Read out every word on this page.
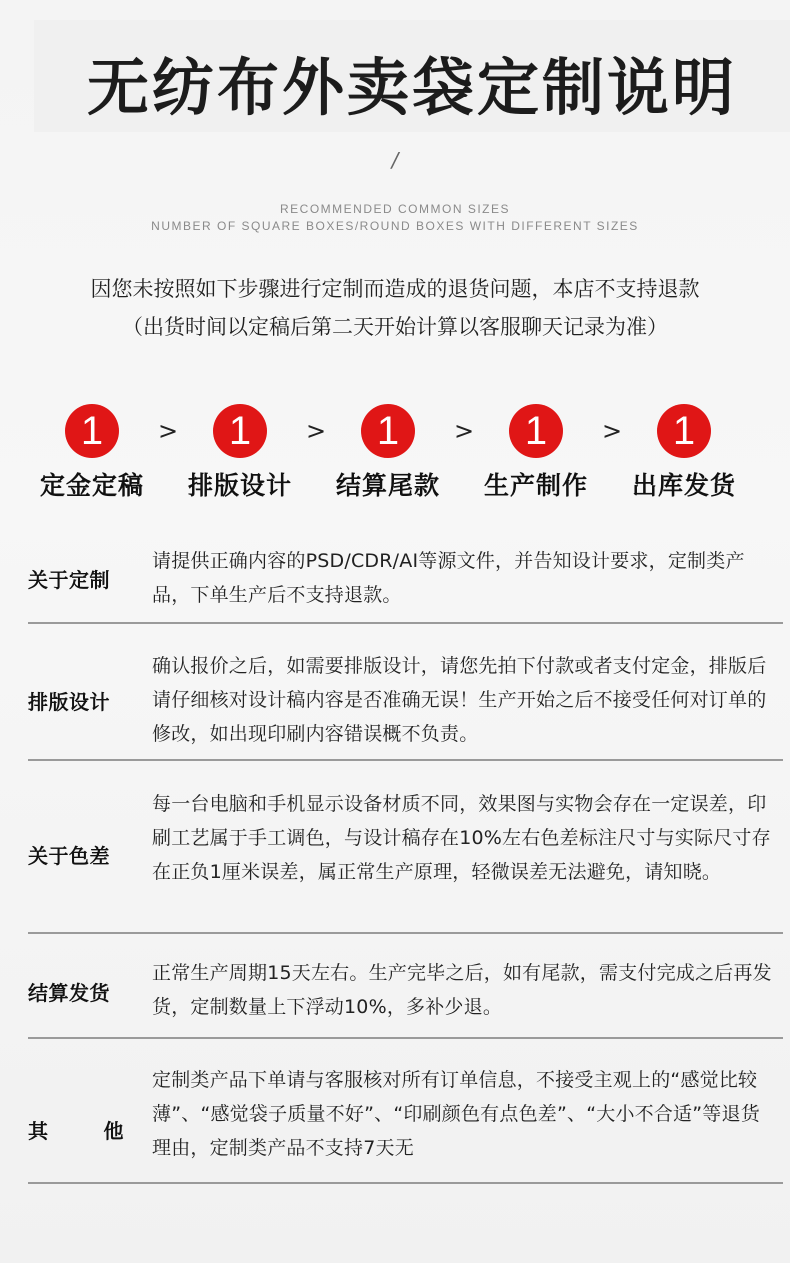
无纺布外卖袋定制说明
/
RECOMMENDED COMMON SIZES
NUMBER OF SQUARE BOXES/ROUND BOXES WITH DIFFERENT SIZES
因您未按照如下步骤进行定制而造成的退货问题，本店不支持退款
（出货时间以定稿后第二天开始计算以客服聊天记录为准）
1
定金定稿
>	1
排版设计
>	1
结算尾款
>	1
生产制作
>	1
出库发货
关于定制
请提供正确内容的PSD/CDR/AI等源文件，并告知设计要求，定制类产品，下单生产后不支持退款。
排版设计
确认报价之后，如需要排版设计，请您先拍下付款或者支付定金，排版后请仔细核对设计稿内容是否准确无误！生产开始之后不接受任何对订单的修改，如出现印刷内容错误概不负责。
关于色差
每一台电脑和手机显示设备材质不同，效果图与实物会存在一定误差，印刷工艺属于手工调色，与设计稿存在10%左右色差标注尺寸与实际尺寸存在正负1厘米误差，属正常生产原理，轻微误差无法避免，请知晓。
结算发货
正常生产周期15天左右。生产完毕之后，如有尾款，需支付完成之后再发货，定制数量上下浮动10%，多补少退。
其	他
定制类产品下单请与客服核对所有订单信息，不接受主观上的“感觉比较薄”、“感觉袋子质量不好”、“印刷颜色有点色差”、“大小不合适”等退货理由，定制类产品不支持7天无
